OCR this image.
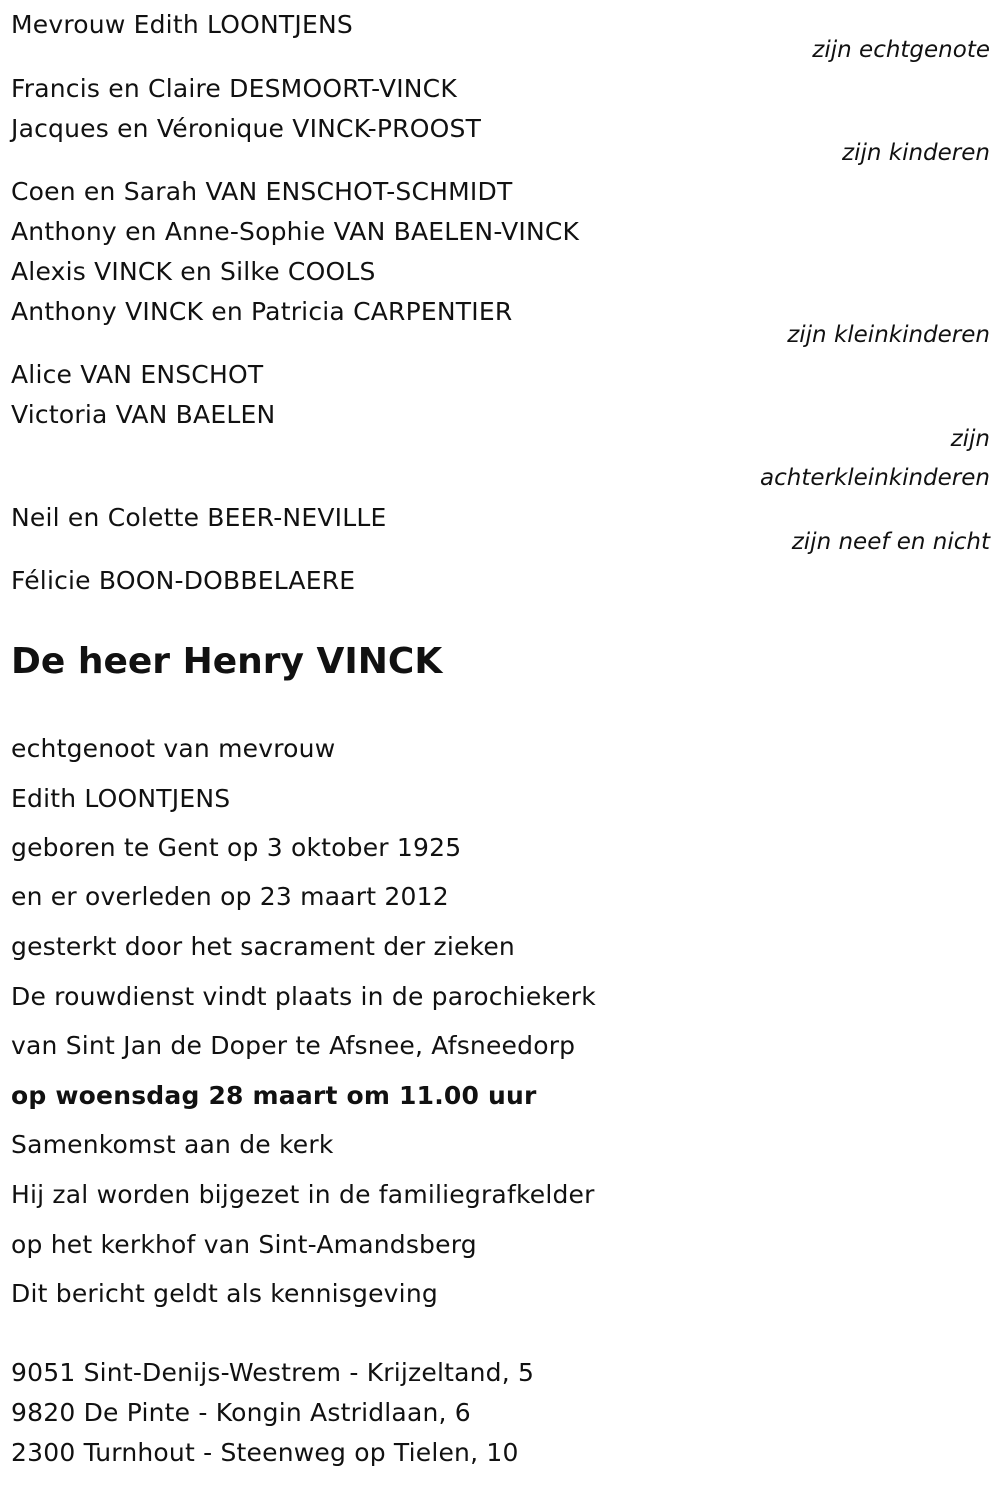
Mevrouw Edith LOONTJENS
zijn echtgenote
Francis en Claire DESMOORT-VINCK
Jacques en Véronique VINCK-PROOST
zijn kinderen
Coen en Sarah VAN ENSCHOT-SCHMIDT
Anthony en Anne-Sophie VAN BAELEN-VINCK
Alexis VINCK en Silke COOLS
Anthony VINCK en Patricia CARPENTIER
zijn kleinkinderen
Alice VAN ENSCHOT
Victoria VAN BAELEN
zijn
achterkleinkinderen
Neil en Colette BEER-NEVILLE
zijn neef en nicht
Félicie BOON-DOBBELAERE
De heer Henry VINCK
echtgenoot van mevrouw
Edith LOONTJENS
geboren te Gent op 3 oktober 1925
en er overleden op 23 maart 2012
gesterkt door het sacrament der zieken
De rouwdienst vindt plaats in de parochiekerk
van Sint Jan de Doper te Afsnee, Afsneedorp
op woensdag 28 maart om 11.00 uur
Samenkomst aan de kerk
Hij zal worden bijgezet in de familiegrafkelder
op het kerkhof van Sint-Amandsberg
Dit bericht geldt als kennisgeving
9051 Sint-Denijs-Westrem - Krijzeltand, 5
9820 De Pinte - Kongin Astridlaan, 6
2300 Turnhout - Steenweg op Tielen, 10
